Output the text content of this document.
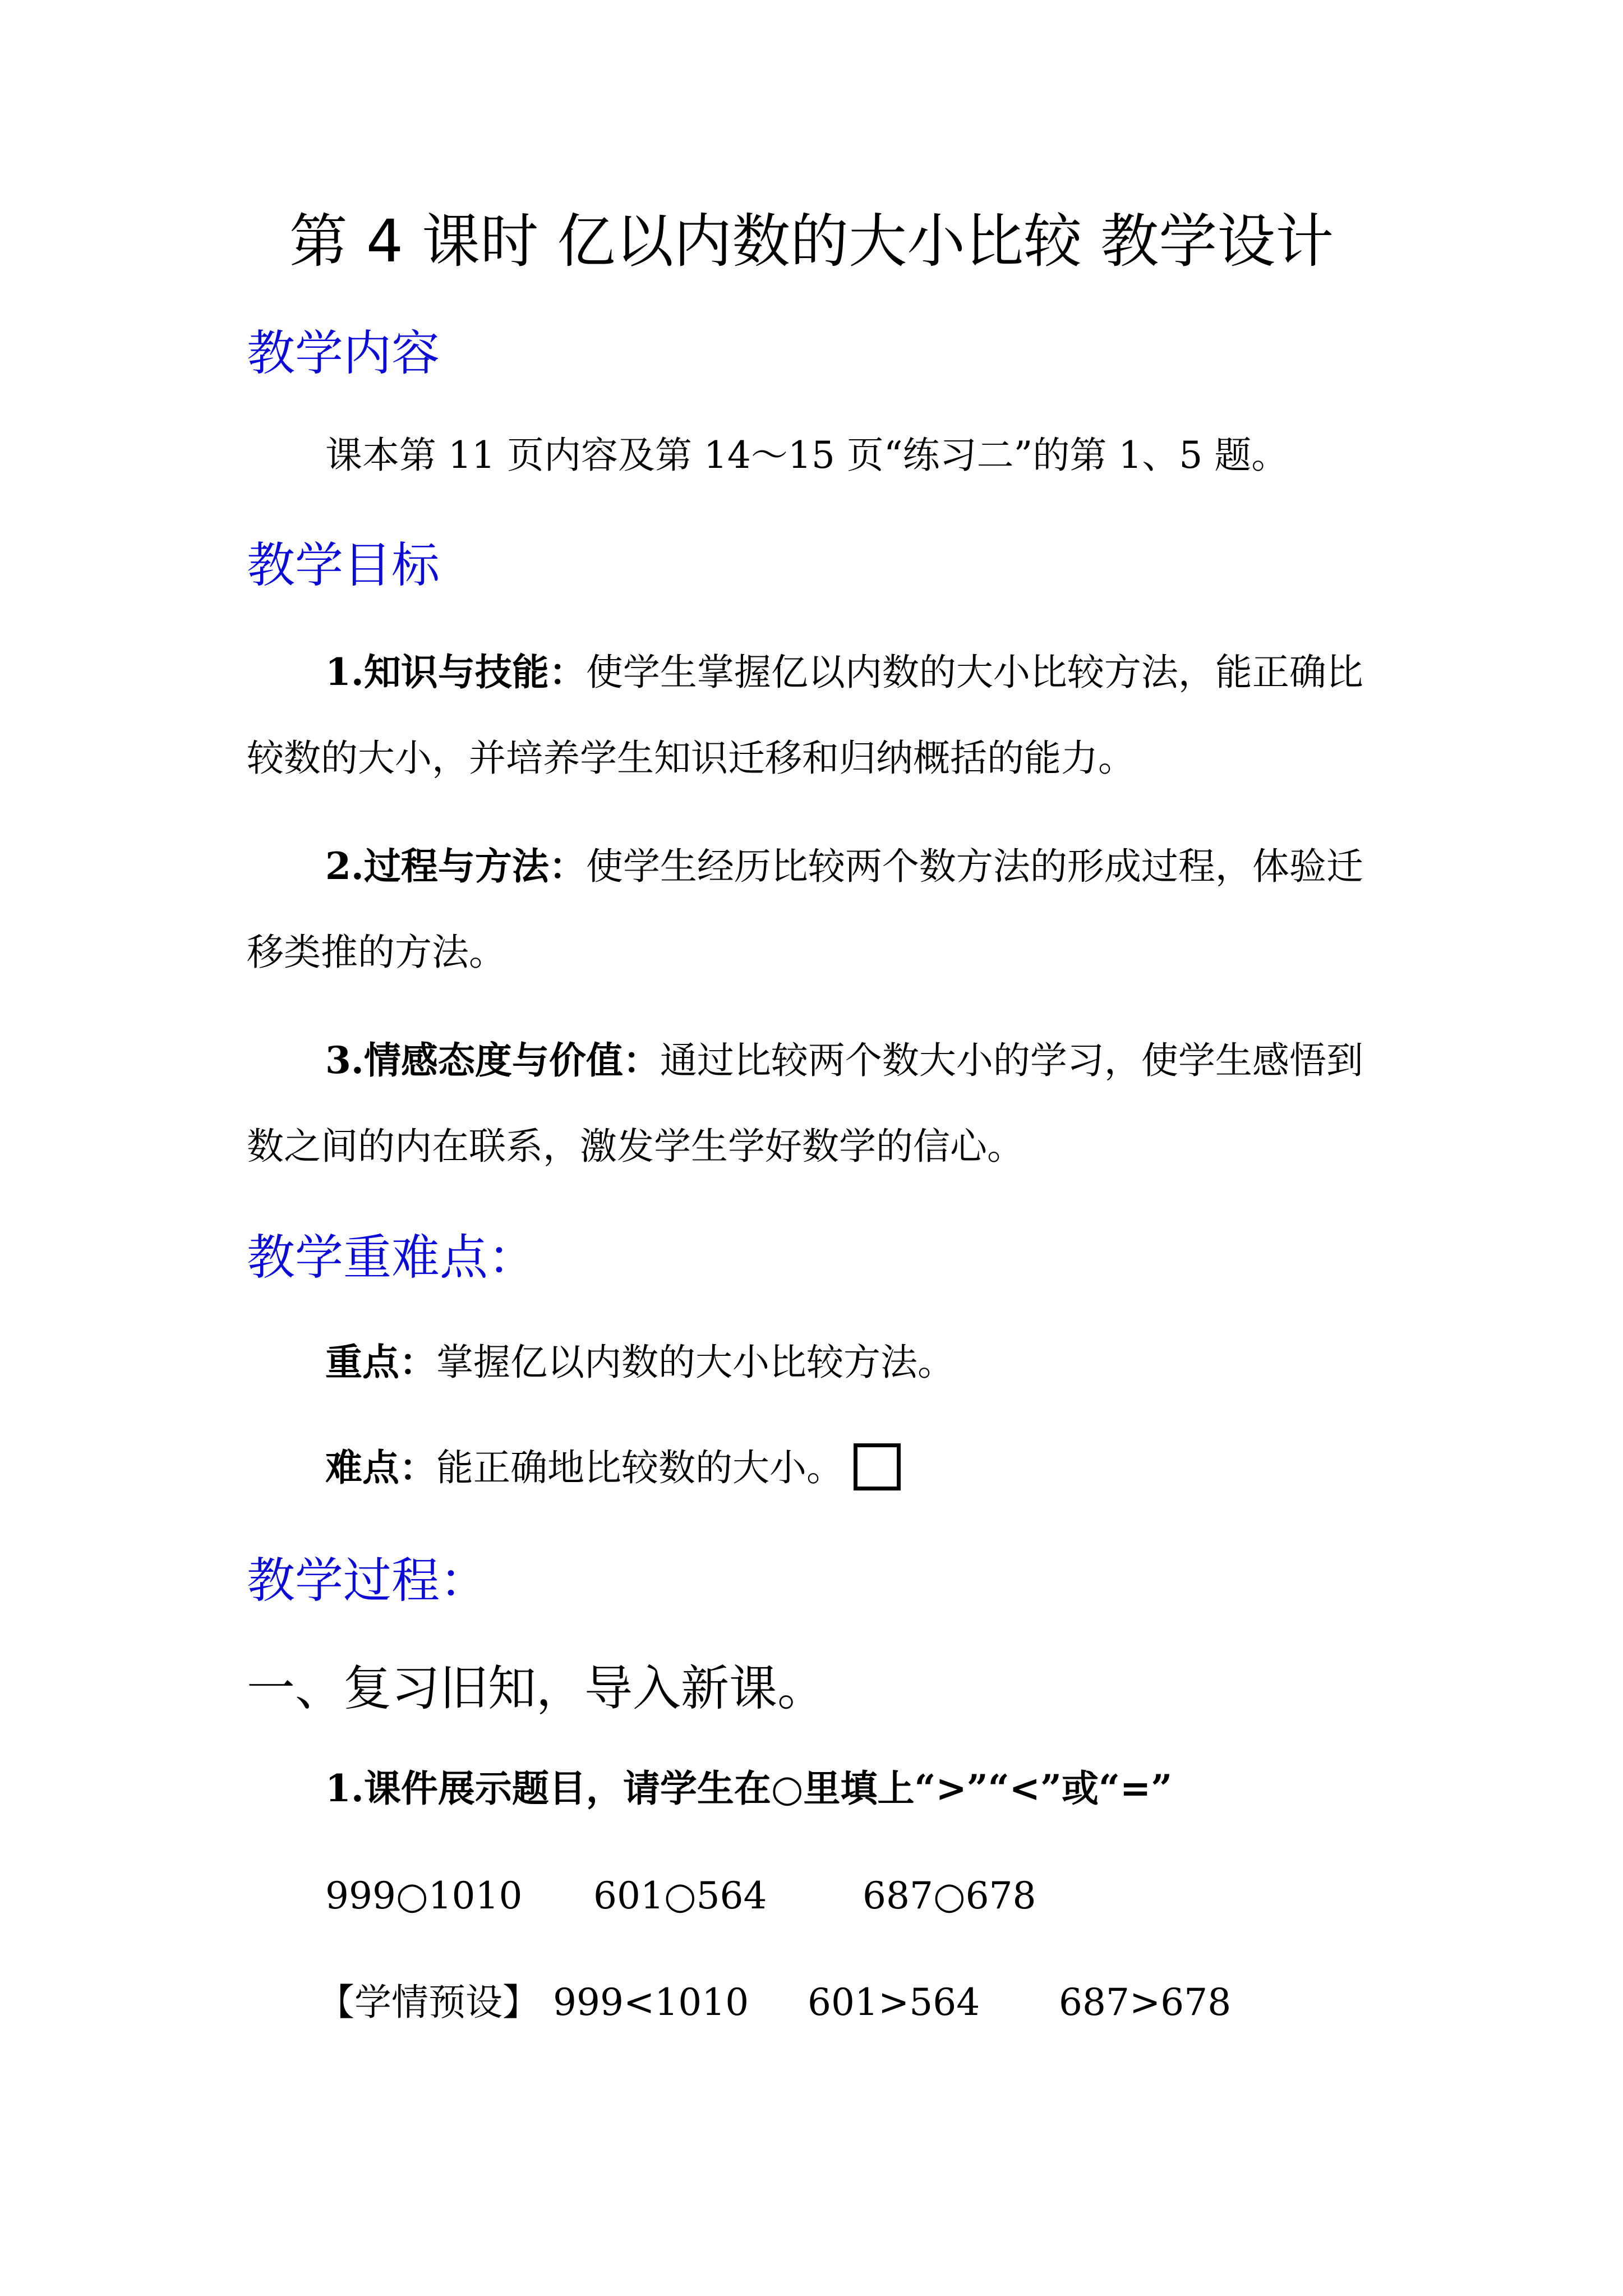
第 4 课时 亿以内数的大小比较 教学设计

教学内容

课本第 11 页内容及第 14～15 页“练习二”的第 1、5 题。

教学目标

1.知识与技能：使学生掌握亿以内数的大小比较方法，能正确比

较数的大小，并培养学生知识迁移和归纳概括的能力。

2.过程与方法：使学生经历比较两个数方法的形成过程，体验迁

移类推的方法。

3.情感态度与价值：通过比较两个数大小的学习，使学生感悟到

数之间的内在联系，激发学生学好数学的信心。

教学重难点：

重点：掌握亿以内数的大小比较方法。

难点：能正确地比较数的大小。

教学过程：

一、复习旧知，导入新课。

1.课件展示题目，请学生在○里填上“>”“<”或“=”

999○1010 601○564	687○678

【学情预设】 999<1010 601>564 687>678
